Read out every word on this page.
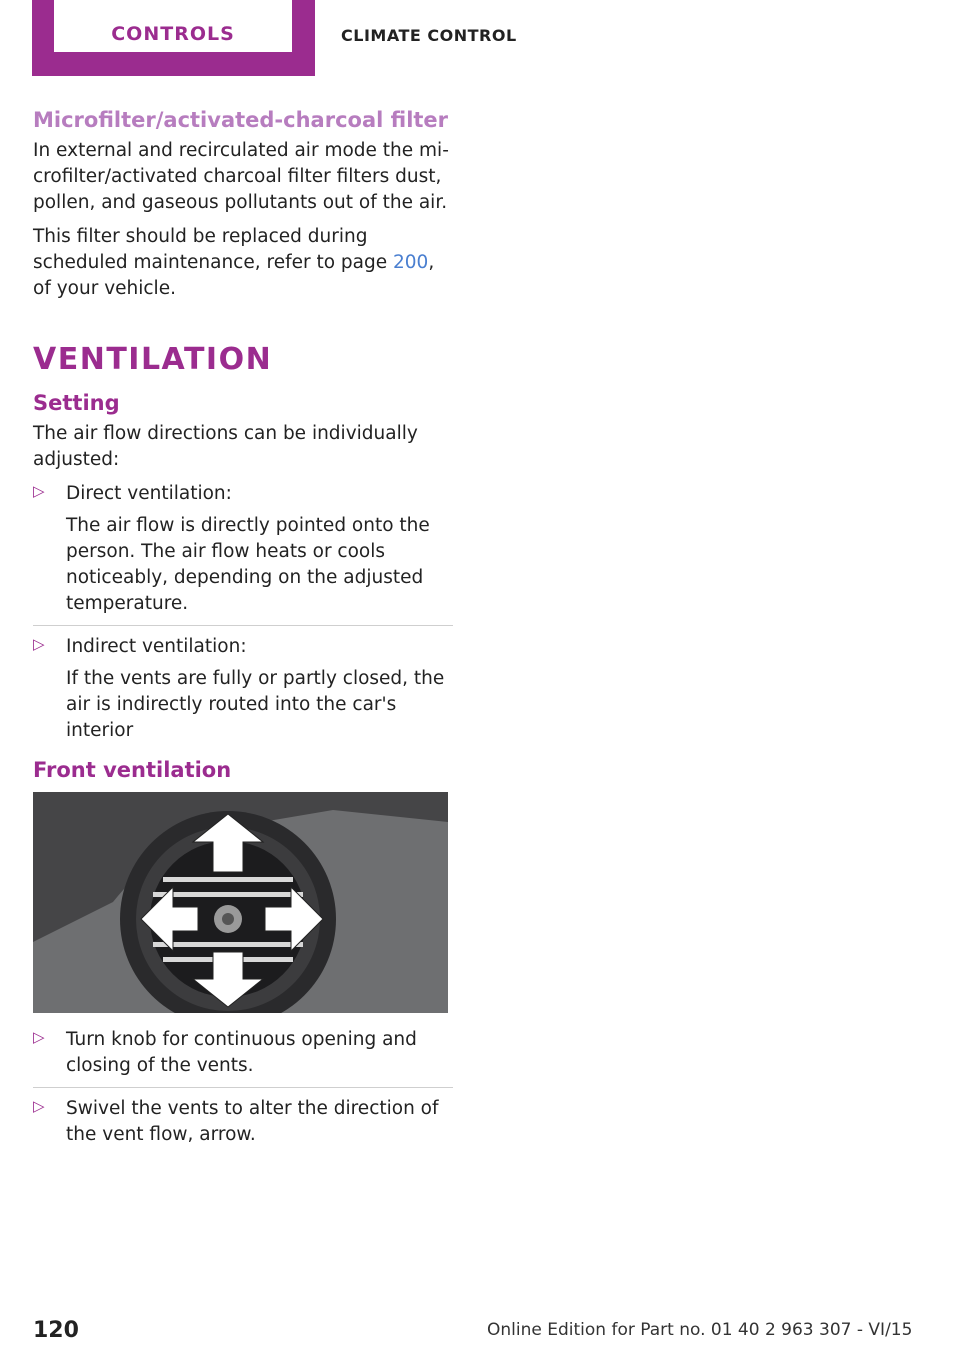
CONTROLS	CLIMATE CONTROL
Microfilter/activated-charcoal filter

In external and recirculated air mode the microfilter/activated charcoal filter filters dust, pollen, and gaseous pollutants out of the air.

This filter should be replaced during scheduled maintenance, refer to page 200, of your vehicle.

VENTILATION
Setting

The air flow directions can be individually adjusted:

▷ Direct ventilation:

The air flow is directly pointed onto the person. The air flow heats or cools noticeably, depending on the adjusted temperature.

▷ Indirect ventilation:

If the vents are fully or partly closed, the air is indirectly routed into the car's interior

Front ventilation
▷ Turn knob for continuous opening and closing of the vents.

▷ Swivel the vents to alter the direction of the vent flow, arrow.

120	Online Edition for Part no. 01 40 2 963 307 - VI/15
